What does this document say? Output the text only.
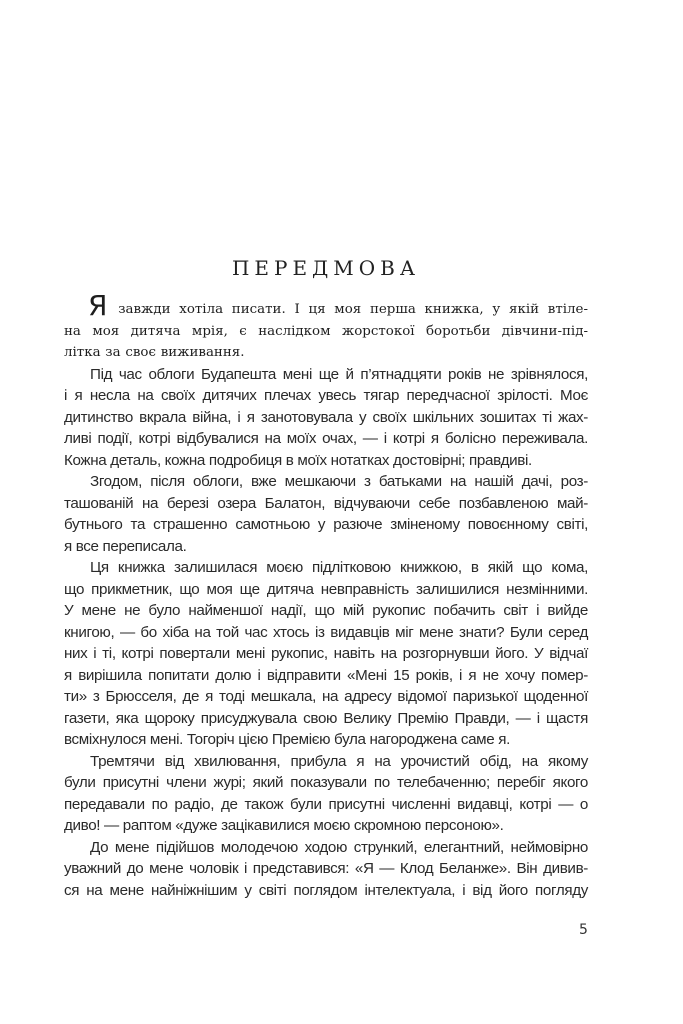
ПЕРЕДМОВА
Я завжди хотіла писати. І ця моя перша книжка, у якій втіле-
на моя дитяча мрія, є наслідком жорстокої боротьби дівчини-під-
літка за своє виживання.
Під час облоги Будапешта мені ще й п’ятнадцяти років не зрівнялося,
і я несла на своїх дитячих плечах увесь тягар передчасної зрілості. Моє
дитинство вкрала війна, і я занотовувала у своїх шкільних зошитах ті жах-
ливі події, котрі відбувалися на моїх очах, — і котрі я болісно переживала.
Кожна деталь, кожна подробиця в моїх нотатках достовірні; правдиві.
Згодом, після облоги, вже мешкаючи з батьками на нашій дачі, роз-
ташованій на березі озера Балатон, відчуваючи себе позбавленою май-
бутнього та страшенно самотньою у разюче зміненому повоєнному світі,
я все переписала.
Ця книжка залишилася моєю підлітковою книжкою, в якій що кома,
що прикметник, що моя ще дитяча невправність залишилися незмінними.
У мене не було найменшої надії, що мій рукопис побачить світ і вийде
книгою, — бо хіба на той час хтось із видавців міг мене знати? Були серед
них і ті, котрі повертали мені рукопис, навіть на розгорнувши його. У відчаї
я вирішила попитати долю і відправити «Мені 15 років, і я не хочу помер-
ти» з Брюсселя, де я тоді мешкала, на адресу відомої паризької щоденної
газети, яка щороку присуджувала свою Велику Премію Правди, — і щастя
всміхнулося мені. Тогоріч цією Премією була нагороджена саме я.
Тремтячи від хвилювання, прибула я на урочистий обід, на якому
були присутні члени журі; який показували по телебаченню; перебіг якого
передавали по радіо, де також були присутні численні видавці, котрі — о
диво! — раптом «дуже зацікавилися моєю скромною персоною».
До мене підійшов молодечою ходою стрункий, елегантний, неймовірно
уважний до мене чоловік і представився: «Я — Клод Беланже». Він дивив-
ся на мене найніжнішим у світі поглядом інтелектуала, і від його погляду
5
